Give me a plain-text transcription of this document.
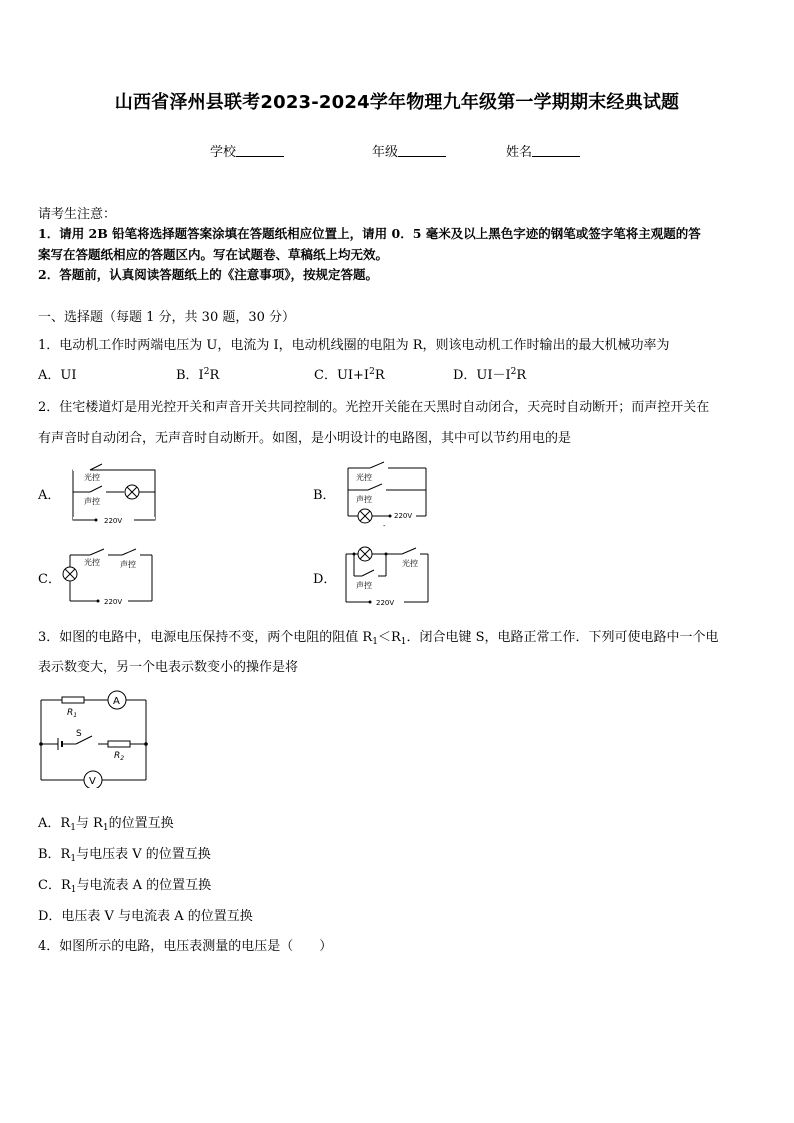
山西省泽州县联考2023-2024学年物理九年级第一学期期末经典试题
学校	年级	姓名
请考生注意：
1．请用 2B 铅笔将选择题答案涂填在答题纸相应位置上，请用 0．5 毫米及以上黑色字迹的钢笔或签字笔将主观题的答
案写在答题纸相应的答题区内。写在试题卷、草稿纸上均无效。
2．答题前，认真阅读答题纸上的《注意事项》，按规定答题。
一、选择题（每题 1 分，共 30 题，30 分）
1．电动机工作时两端电压为 U，电流为 I，电动机线圈的电阻为 R，则该电动机工作时输出的最大机械功率为
A．UI	B．$I^2R$	C．$UI+I^2R$	D．$UI-I^2R$
2．住宅楼道灯是用光控开关和声音开关共同控制的。光控开关能在天黑时自动闭合，天亮时自动断开；而声控开关在
有声音时自动闭合，无声音时自动断开。如图，是小明设计的电路图，其中可以节约用电的是
A．
光控
声控
220V
B．
光控
声控
220V
-
C．
光控	声控
220V
D．
光控
声控
220V
3．如图的电路中，电源电压保持不变，两个电阻的阻值 $R_1<R_1$．闭合电键 S，电路正常工作．下列可使电路中一个电
表示数变大，另一个电表示数变小的操作是将
A
V
$R_1$
$R_2$
S
A．$R_1$与 $R_1$的位置互换
B．$R_1$与电压表 V 的位置互换
C．$R_1$与电流表 A 的位置互换
D．电压表 V 与电流表 A 的位置互换
4．如图所示的电路，电压表测量的电压是（　　）
